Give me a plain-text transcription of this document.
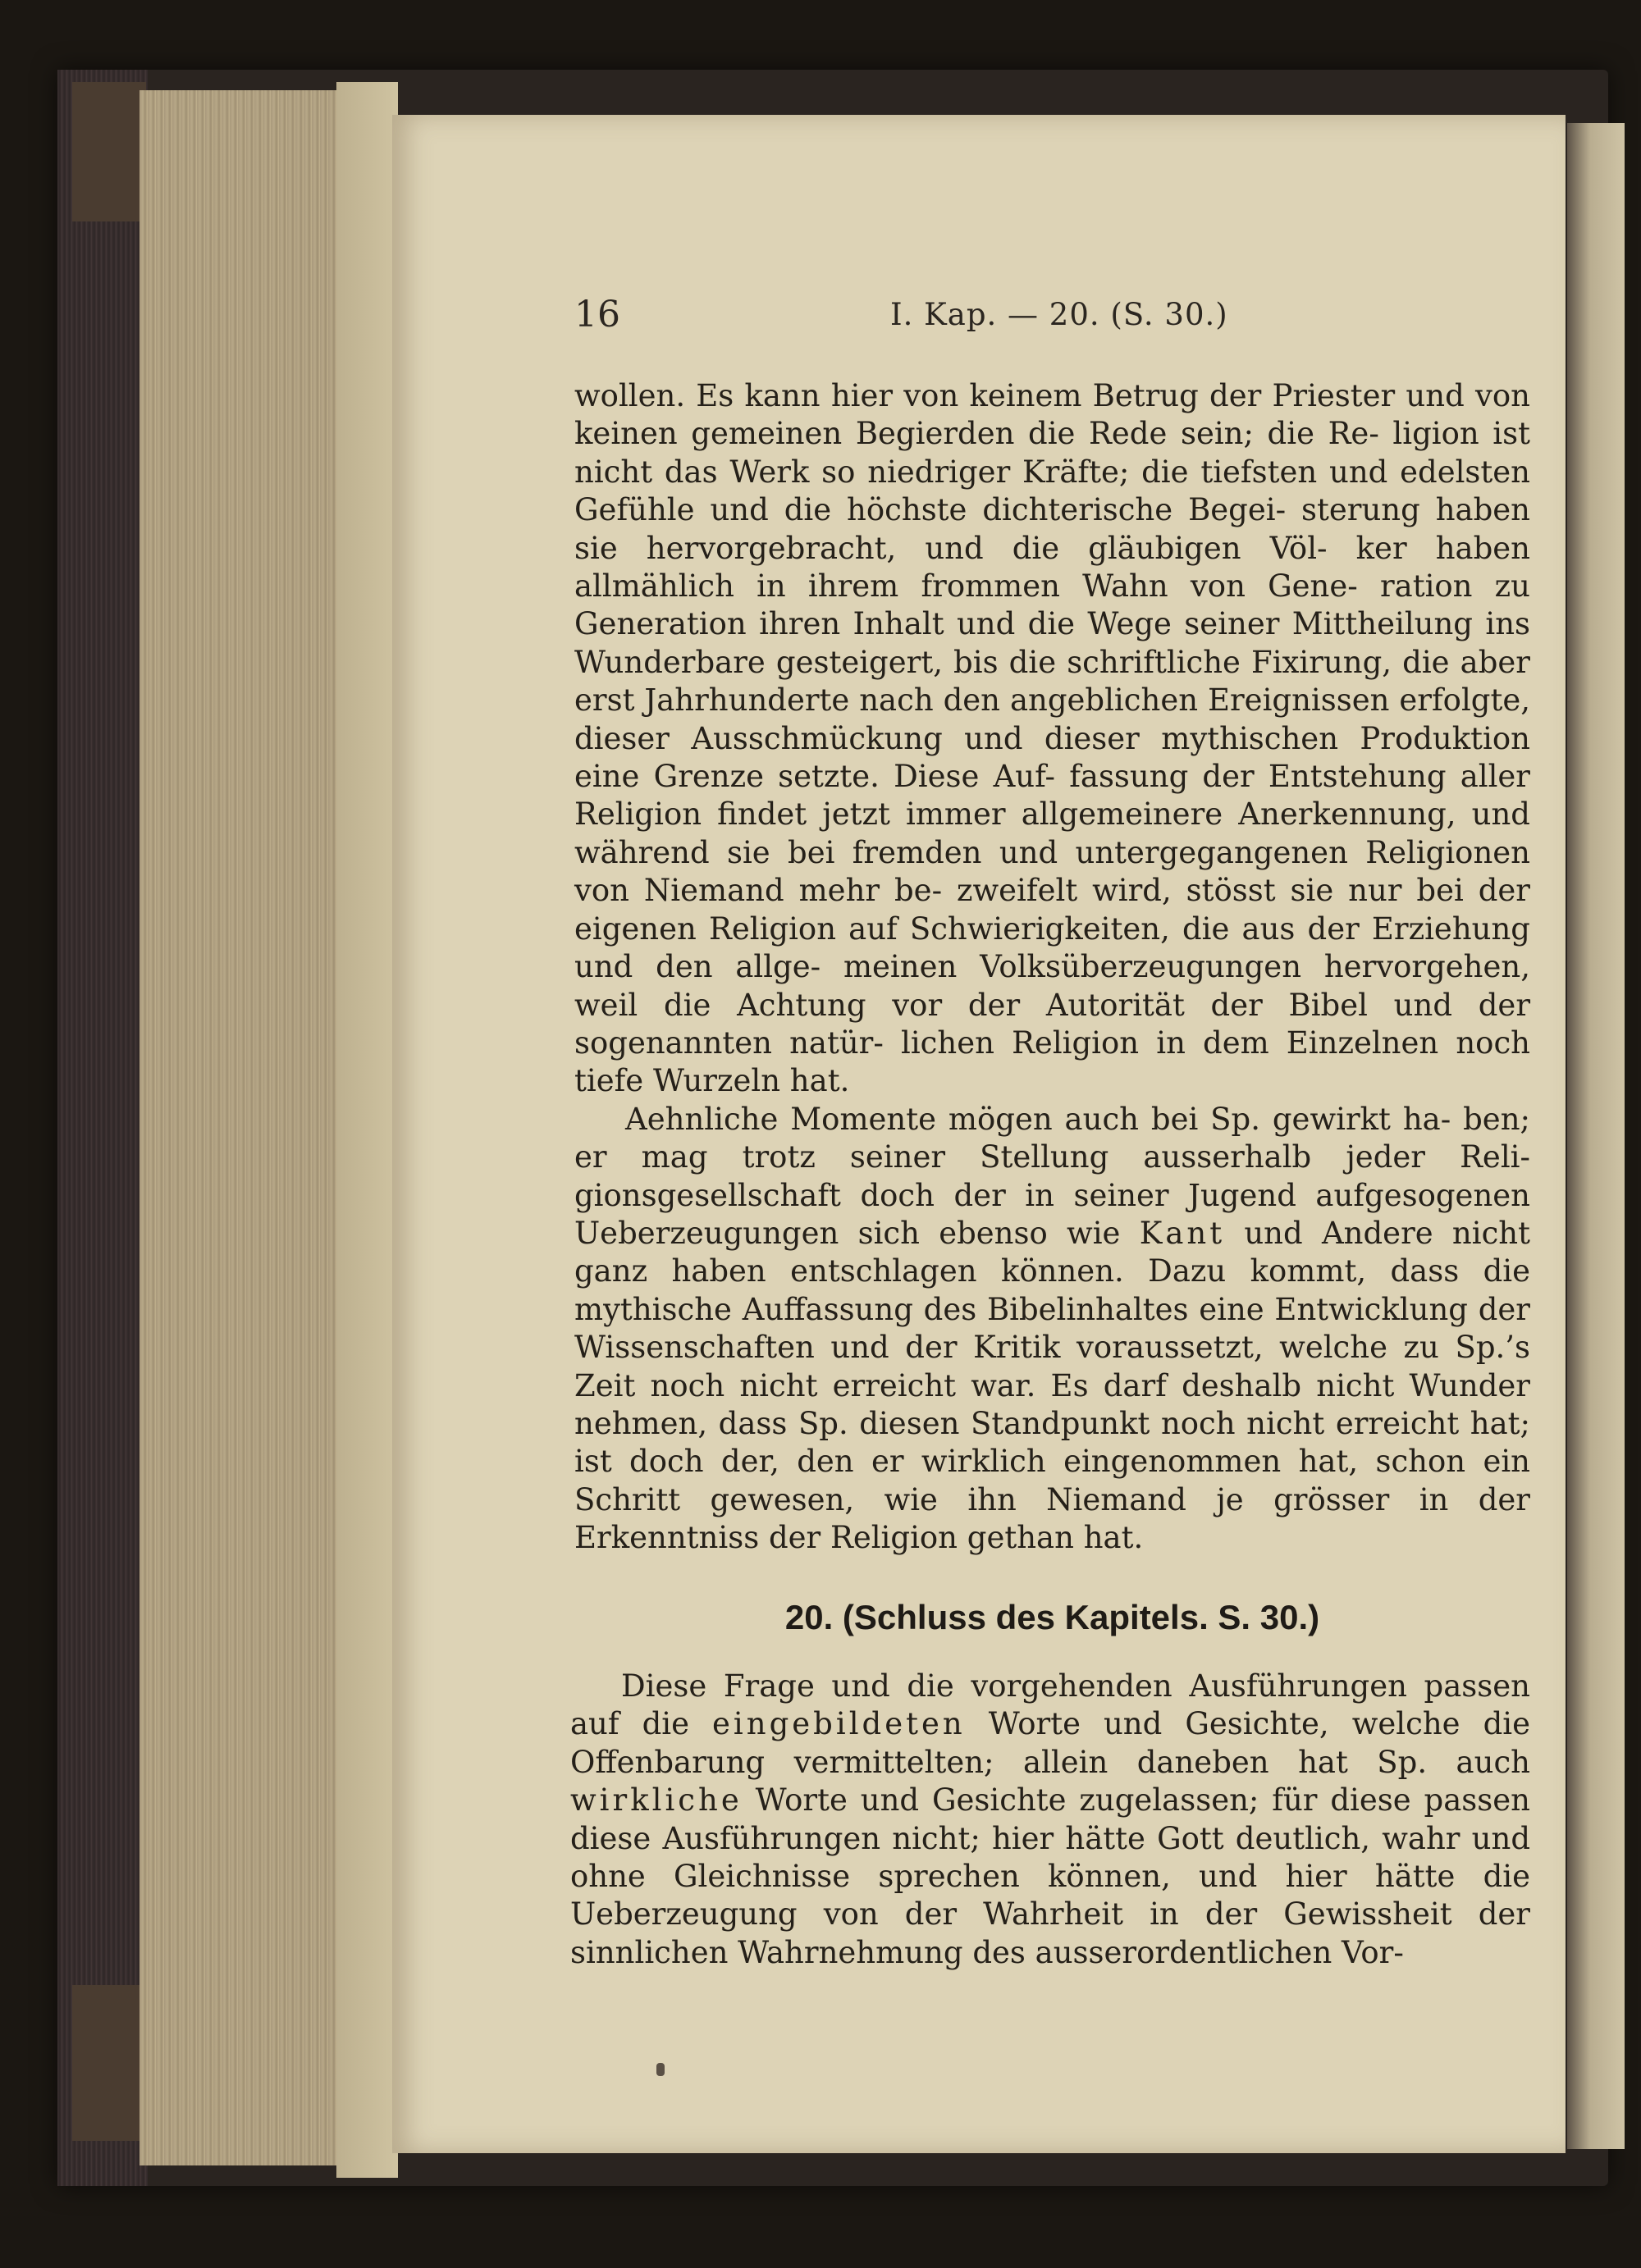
16	I. Kap. — 20. (S. 30.)

wollen. Es kann hier von keinem Betrug der Priester und von keinen gemeinen Begierden die Rede sein; die Re- ligion ist nicht das Werk so niedriger Kräfte; die tiefsten und edelsten Gefühle und die höchste dichterische Begei- sterung haben sie hervorgebracht, und die gläubigen Völ- ker haben allmählich in ihrem frommen Wahn von Gene- ration zu Generation ihren Inhalt und die Wege seiner Mittheilung ins Wunderbare gesteigert, bis die schriftliche Fixirung, die aber erst Jahrhunderte nach den angeblichen Ereignissen erfolgte, dieser Ausschmückung und dieser mythischen Produktion eine Grenze setzte. Diese Auf- fassung der Entstehung aller Religion findet jetzt immer allgemeinere Anerkennung, und während sie bei fremden und untergegangenen Religionen von Niemand mehr be- zweifelt wird, stösst sie nur bei der eigenen Religion auf Schwierigkeiten, die aus der Erziehung und den allge- meinen Volksüberzeugungen hervorgehen, weil die Achtung vor der Autorität der Bibel und der sogenannten natür- lichen Religion in dem Einzelnen noch tiefe Wurzeln hat.

Aehnliche Momente mögen auch bei Sp. gewirkt ha- ben; er mag trotz seiner Stellung ausserhalb jeder Reli- gionsgesellschaft doch der in seiner Jugend aufgesogenen Ueberzeugungen sich ebenso wie Kant und Andere nicht ganz haben entschlagen können. Dazu kommt, dass die mythische Auffassung des Bibelinhaltes eine Entwicklung der Wissenschaften und der Kritik voraussetzt, welche zu Sp.’s Zeit noch nicht erreicht war. Es darf deshalb nicht Wunder nehmen, dass Sp. diesen Standpunkt noch nicht erreicht hat; ist doch der, den er wirklich eingenommen hat, schon ein Schritt gewesen, wie ihn Niemand je grösser in der Erkenntniss der Religion gethan hat.

20. (Schluss des Kapitels. S. 30.)

Diese Frage und die vorgehenden Ausführungen passen auf die eingebildeten Worte und Gesichte, welche die Offenbarung vermittelten; allein daneben hat Sp. auch wirkliche Worte und Gesichte zugelassen; für diese passen diese Ausführungen nicht; hier hätte Gott deutlich, wahr und ohne Gleichnisse sprechen können, und hier hätte die Ueberzeugung von der Wahrheit in der Gewissheit der sinnlichen Wahrnehmung des ausserordentlichen Vor-
